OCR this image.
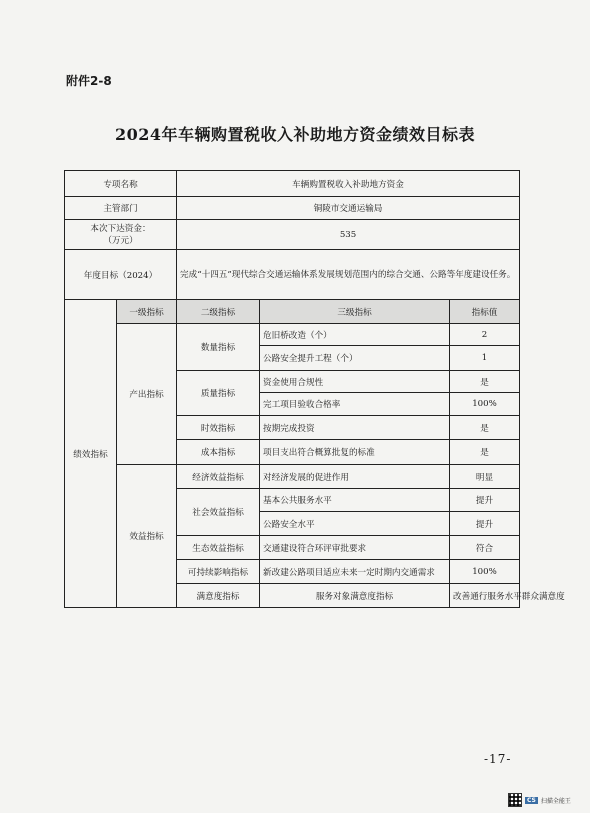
附件2-8
2024年车辆购置税收入补助地方资金绩效目标表
专项名称		车辆购置税收入补助地方资金			
主管部门		铜陵市交通运输局			

本次下达资金：
（万元）		535			
年度目标（2024）		完成“十四五”现代综合交通运输体系发展规划范围内的综合交通、公路等年度建设任务。			
绩效指标	一级指标	二级指标	三级指标	指标值	
	产出指标	数量指标	危旧桥改造（个）	2	
			公路安全提升工程（个）	1	
		质量指标	资金使用合规性	是	
			完工项目验收合格率	100%	
		时效指标	按期完成投资	是	
		成本指标	项目支出符合概算批复的标准	是	
	效益指标	经济效益指标	对经济发展的促进作用	明显	
		社会效益指标	基本公共服务水平	提升	
			公路安全水平	提升	
		生态效益指标	交通建设符合环评审批要求	符合	
		可持续影响指标	新改建公路项目适应未来一定时期内交通需求	100%	
		满意度指标	服务对象满意度指标	改善通行服务水平群众满意度	
-17-
CS 扫描全能王
